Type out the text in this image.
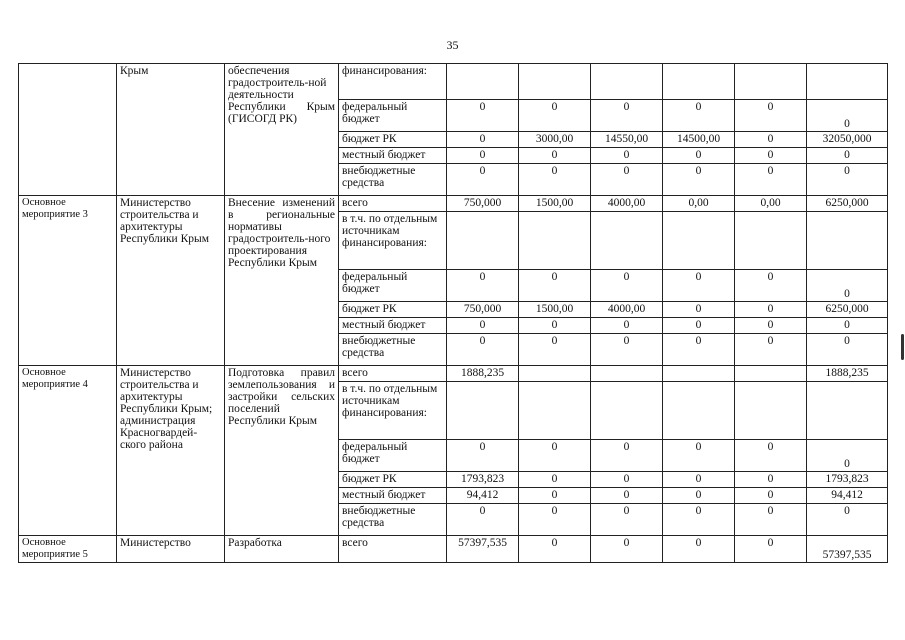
35
	Крым	обеспечения градостроитель-ной деятельности Республики Крым (ГИСОГД РК)	финансирования:						
			федеральный бюджет	0	0	0	0	0	0
			бюджет РК	0	3000,00	14550,00	14500,00	0	32050,000
			местный бюджет	0	0	0	0	0	0
			внебюджетные средства	0	0	0	0	0	0
Основное мероприятие 3	Министерство строительства и архитектуры Республики Крым	Внесение изменений в региональные нормативы градостроитель-ного проектирования Республики Крым	всего	750,000	1500,00	4000,00	0,00	0,00	6250,000
			в т.ч. по отдельным источникам финансирования:						
			федеральный бюджет	0	0	0	0	0	0
			бюджет РК	750,000	1500,00	4000,00	0	0	6250,000
			местный бюджет	0	0	0	0	0	0
			внебюджетные средства	0	0	0	0	0	0
Основное мероприятие 4	Министерство строительства и архитектуры Республики Крым; администрация Красногвардей-ского района	Подготовка правил землепользования и застройки сельских поселений Республики Крым	всего	1888,235					1888,235
			в т.ч. по отдельным источникам финансирования:						
			федеральный бюджет	0	0	0	0	0	0
			бюджет РК	1793,823	0	0	0	0	1793,823
			местный бюджет	94,412	0	0	0	0	94,412
			внебюджетные средства	0	0	0	0	0	0
Основное мероприятие 5	Министерство	Разработка	всего	57397,535	0	0	0	0	57397,535
